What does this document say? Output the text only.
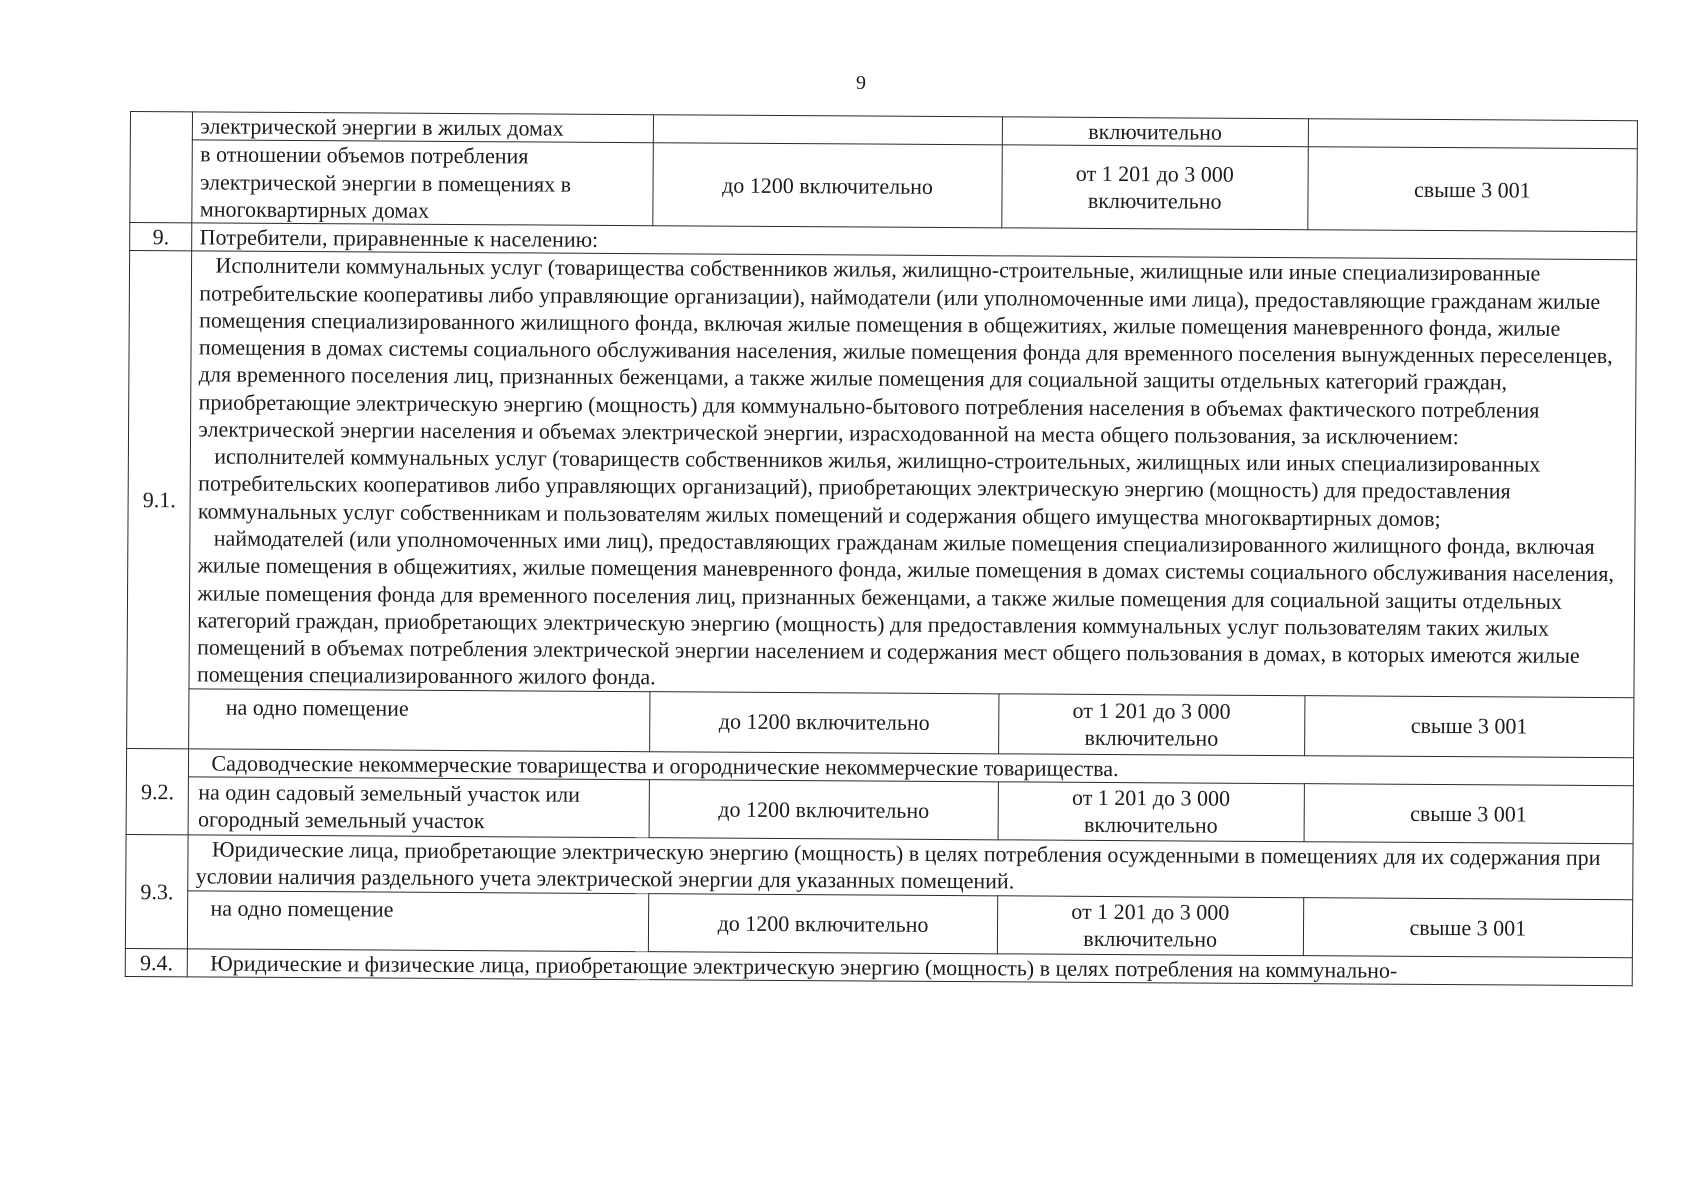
9
	электрической энергии в жилых домах		включительно	
	в отношении объемов потребления электрической энергии в помещениях в многоквартирных домах	до 1200 включительно	от 1 201 до 3 000 включительно	свыше 3 001
9.	Потребители, приравненные к населению:			
9.1.	Исполнители коммунальных услуг (товарищества собственников жилья, жилищно-строительные, жилищные или иные специализированные потребительские кооперативы либо управляющие организации), наймодатели (или уполномоченные ими лица), предоставляющие гражданам жилые помещения специализированного жилищного фонда, включая жилые помещения в общежитиях, жилые помещения маневренного фонда, жилые помещения в домах системы социального обслуживания населения, жилые помещения фонда для временного поселения вынужденных переселенцев, для временного поселения лиц, признанных беженцами, а также жилые помещения для социальной защиты отдельных категорий граждан, приобретающие электрическую энергию (мощность) для коммунально-бытового потребления населения в объемах фактического потребления электрической энергии населения и объемах электрической энергии, израсходованной на места общего пользования, за исключением:

исполнителей коммунальных услуг (товариществ собственников жилья, жилищно-строительных, жилищных или иных специализированных потребительских кооперативов либо управляющих организаций), приобретающих электрическую энергию (мощность) для предоставления коммунальных услуг собственникам и пользователям жилых помещений и содержания общего имущества многоквартирных домов;

наймодателей (или уполномоченных ими лиц), предоставляющих гражданам жилые помещения специализированного жилищного фонда, включая жилые помещения в общежитиях, жилые помещения маневренного фонда, жилые помещения в домах системы социального обслуживания населения, жилые помещения фонда для временного поселения лиц, признанных беженцами, а также жилые помещения для социальной защиты отдельных категорий граждан, приобретающих электрическую энергию (мощность) для предоставления коммунальных услуг пользователям таких жилых помещений в объемах потребления электрической энергии населением и содержания мест общего пользования в домах, в которых имеются жилые помещения специализированного жилого фонда.			

	на одно помещение	до 1200 включительно	от 1 201 до 3 000 включительно	свыше 3 001
9.2.	Садоводческие некоммерческие товарищества и огороднические некоммерческие товарищества.			
	на один садовый земельный участок или огородный земельный участок	до 1200 включительно	от 1 201 до 3 000 включительно	свыше 3 001
9.3.	Юридические лица, приобретающие электрическую энергию (мощность) в целях потребления осужденными в помещениях для их содержания при условии наличия раздельного учета электрической энергии для указанных помещений.			
	на одно помещение	до 1200 включительно	от 1 201 до 3 000 включительно	свыше 3 001
9.4.	Юридические и физические лица, приобретающие электрическую энергию (мощность) в целях потребления на коммунально-			
